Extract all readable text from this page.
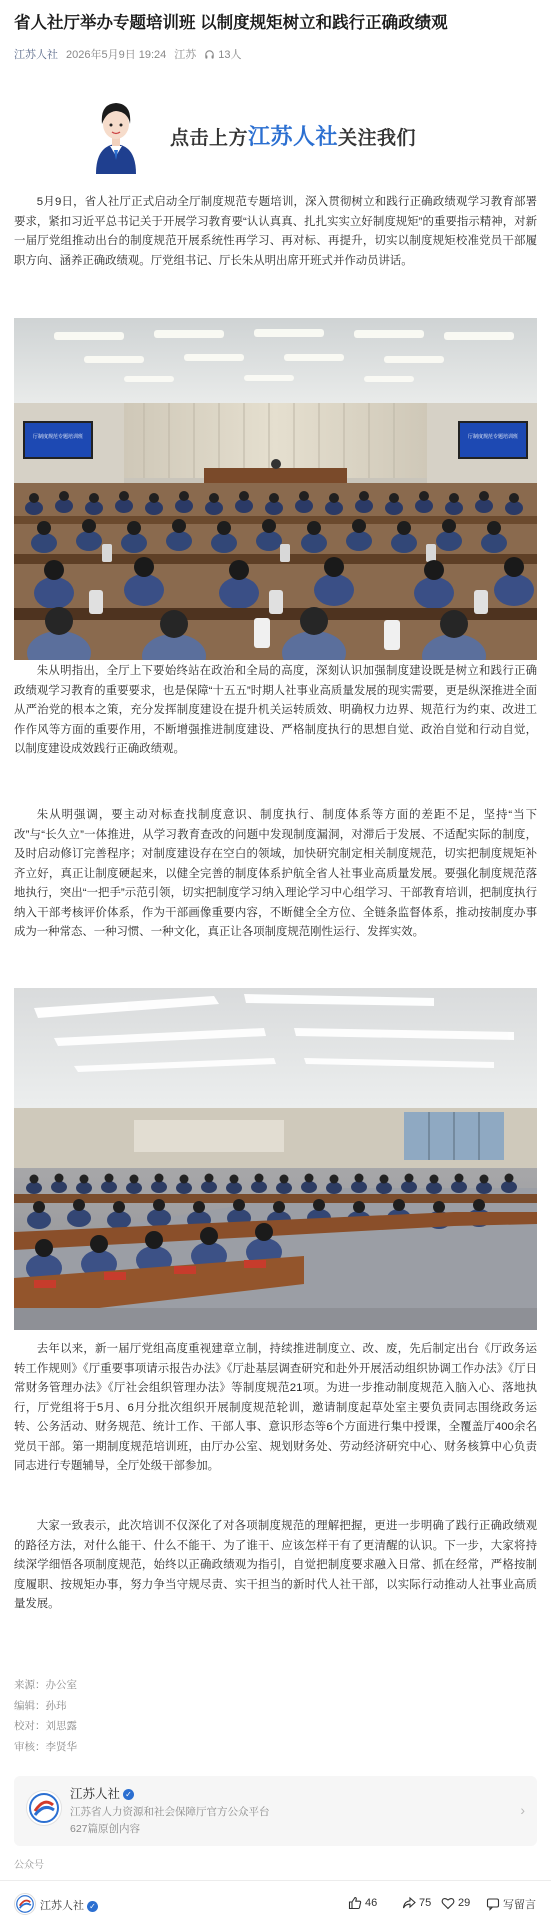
省人社厅举办专题培训班 以制度规矩树立和践行正确政绩观
江苏人社 2026年5月9日 19:24 江苏 13人
点击上方江苏人社关注我们

5月9日，省人社厅正式启动全厅制度规范专题培训，深入贯彻树立和践行正确政绩观学习教育部署要求，紧扣习近平总书记关于开展学习教育要“认认真真、扎扎实实立好制度规矩”的重要指示精神，对新一届厅党组推动出台的制度规范开展系统性再学习、再对标、再提升，切实以制度规矩校准党员干部履职方向、涵养正确政绩观。厅党组书记、厅长朱从明出席开班式并作动员讲话。

厅制度规范专题培训班	厅制度规范专题培训班

朱从明指出，全厅上下要始终站在政治和全局的高度，深刻认识加强制度建设既是树立和践行正确政绩观学习教育的重要要求，也是保障“十五五”时期人社事业高质量发展的现实需要，更是纵深推进全面从严治党的根本之策，充分发挥制度建设在提升机关运转质效、明确权力边界、规范行为约束、改进工作作风等方面的重要作用，不断增强推进制度建设、严格制度执行的思想自觉、政治自觉和行动自觉，以制度建设成效践行正确政绩观。

朱从明强调，要主动对标查找制度意识、制度执行、制度体系等方面的差距不足，坚持“当下改”与“长久立”一体推进，从学习教育查改的问题中发现制度漏洞，对滞后于发展、不适配实际的制度，及时启动修订完善程序；对制度建设存在空白的领域，加快研究制定相关制度规范，切实把制度规矩补齐立好，真正让制度硬起来，以健全完善的制度体系护航全省人社事业高质量发展。要强化制度规范落地执行，突出“一把手”示范引领，切实把制度学习纳入理论学习中心组学习、干部教育培训，把制度执行纳入干部考核评价体系，作为干部画像重要内容，不断健全全方位、全链条监督体系，推动按制度办事成为一种常态、一种习惯、一种文化，真正让各项制度规范刚性运行、发挥实效。

去年以来，新一届厅党组高度重视建章立制，持续推进制度立、改、废，先后制定出台《厅政务运转工作规则》《厅重要事项请示报告办法》《厅赴基层调查研究和赴外开展活动组织协调工作办法》《厅日常财务管理办法》《厅社会组织管理办法》等制度规范21项。为进一步推动制度规范入脑入心、落地执行，厅党组将于5月、6月分批次组织开展制度规范轮训，邀请制度起草处室主要负责同志围绕政务运转、公务活动、财务规范、统计工作、干部人事、意识形态等6个方面进行集中授课，全覆盖厅400余名党员干部。第一期制度规范培训班，由厅办公室、规划财务处、劳动经济研究中心、财务核算中心负责同志进行专题辅导，全厅处级干部参加。

大家一致表示，此次培训不仅深化了对各项制度规范的理解把握，更进一步明确了践行正确政绩观的路径方法，对什么能干、什么不能干、为了谁干、应该怎样干有了更清醒的认识。下一步，大家将持续深学细悟各项制度规范，始终以正确政绩观为指引，自觉把制度要求融入日常、抓在经常，严格按制度履职、按规矩办事，努力争当守规尽责、实干担当的新时代人社干部，以实际行动推动人社事业高质量发展。

来源：办公室
编辑：孙玮
校对：刘思露
审核：李贤华
江苏人社 ✓
江苏省人力资源和社会保障厅官方公众平台
627篇原创内容
›
公众号
江苏人社 ✓	46	75 29	写留言
